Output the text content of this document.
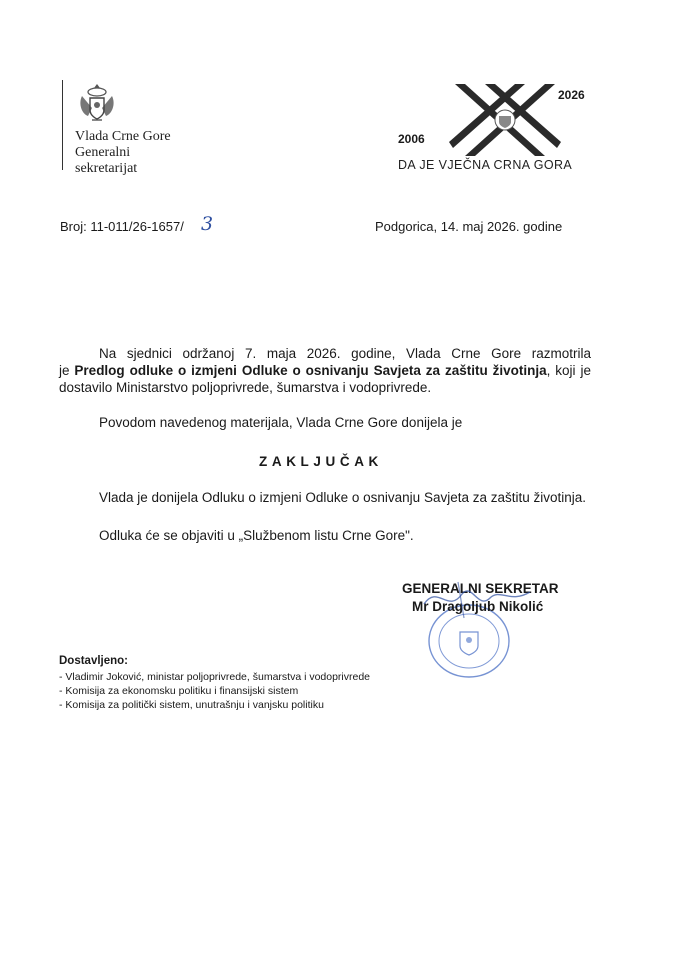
Vlada Crne Gore
Generalni
sekretarijat
2026
2006
DA JE VJEČNA CRNA GORA
Broj: 11-011/26-1657/ 3	Podgorica, 14. maj 2026. godine
Na sjednici održanoj 7. maja 2026. godine, Vlada Crne Gore razmotrila
je Predlog odluke o izmjeni Odluke o osnivanju Savjeta za zaštitu životinja, koji je dostavilo Ministarstvo poljoprivrede, šumarstva i vodoprivrede.
Povodom navedenog materijala, Vlada Crne Gore donijela je
ZAKLJUČAK
Vlada je donijela Odluku o izmjeni Odluke o osnivanju Savjeta za zaštitu životinja.
Odluka će se objaviti u „Službenom listu Crne Gore".
GENERALNI SEKRETAR
Mr Dragoljub Nikolić
Dostavljeno:
- Vladimir Joković, ministar poljoprivrede, šumarstva i vodoprivrede
- Komisija za ekonomsku politiku i finansijski sistem
- Komisija za politički sistem, unutrašnju i vanjsku politiku
